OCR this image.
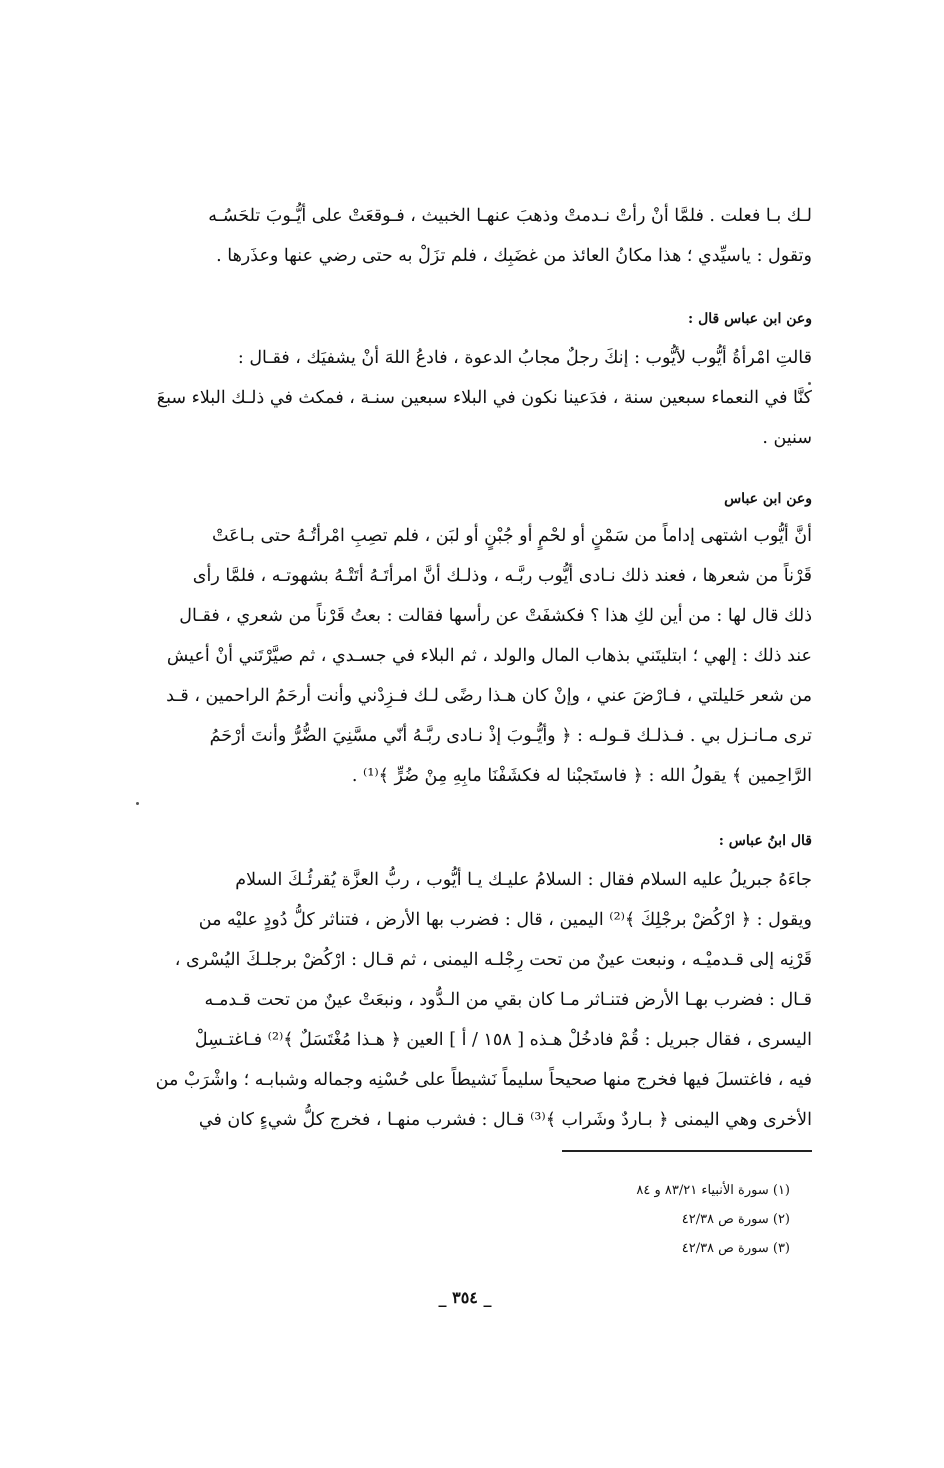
لـك بـا فعلت . فلمَّا أنْ رأتْ نـدمتْ وذهبَ عنهـا الخبيث ، فـوقعَتْ على أيُّـوبَ تلحَسُـه

وتقول : ياسيِّدي ؛ هذا مكانُ العائذ من غضَبِك ، فلم تزَلْ به حتى رضي عنها وعذَرها .

وعن ابن عباس قال :

قالتِ امْرأةُ أيُّوب لأيُّوب : إنكَ رجلٌ مجابُ الدعوة ، فادعُ اللهَ أنْ يشفيَك ، فقـال :

كنَّا في النعماء سبعين سنة ، فدَعينا نكون في البلاء سبعين سنـة ، فمكث في ذلـك البلاء سبعَ

سنين .

وعن ابن عباس

أنَّ أيُّوب اشتهى إداماً من سَمْنٍ أو لحْمٍ أو جُبْنٍ أو لبَن ، فلم تصِبِ امْرأتُـهُ حتى بـاعَتْ

قَرْناً من شعرها ، فعند ذلك نـادى أيُّوب ربَّـه ، وذلـك أنَّ امرأتَـهُ أتَتْـهُ بشهوتـه ، فلمَّا رأى

ذلك قال لها : من أين لكِ هذا ؟ فكشفَتْ عن رأسها فقالت : بعتُ قَرْناً من شعري ، فقـال

عند ذلك : إلهي ؛ ابتليتَني بذهاب المال والولد ، ثم البلاء في جسـدي ، ثم صيَّرْتَني أنْ أعيش

من شعر حَليلتي ، فـارْضَ عني ، وإنْ كان هـذا رضًى لـك فـزِدْني وأنت أرحَمُ الراحمين ، قـد

ترى مـانـزل بي . فـذلـك قـولـه : ﴿ وأيُّـوبَ إذْ نـادى ربَّـهُ أنّي مسَّنِيَ الضُّرُّ وأنتَ أرْحَمُ

الرَّاحِمين ﴾ يقولُ الله : ﴿ فاستَجبْنا له فكشَفْنَا مابِهِ مِنْ ضُرٍّ ﴾⁽¹⁾ .

قال ابنُ عباس :

جاءَهُ جبريلُ عليه السلام فقال : السلامُ عليـك يـا أيُّوب ، ربُّ العزَّة يُقرئُـكَ السلام

ويقول : ﴿ ارْكُضْ برجْلِكَ ﴾⁽²⁾ اليمين ، قال : فضرب بها الأرض ، فتناثر كلُّ دُودٍ عليْه من

قَرْنِه إلى قـدميْـه ، ونبعت عينٌ من تحت رِجْلـه اليمنى ، ثم قـال : ارْكُضْ برجلـكَ اليُسْرى ،

قـال : فضرب بهـا الأرض فتنـاثر مـا كان بقي من الـدُّود ، ونبعَتْ عينٌ من تحت قـدمـه

اليسرى ، فقال جبريل : قُمْ فادخُلْ هـذه [ ١٥٨ / أ ] العين ﴿ هـذا مُغْتَسَلٌ ﴾⁽²⁾ فـاغتـسِلْ

فيه ، فاغتسلَ فيها فخرج منها صحيحاً سليماً نَشيطاً على حُسْنِه وجماله وشبابـه ؛ واشْرَبْ من

الأخرى وهي اليمنى ﴿ بـاردٌ وشَراب ﴾⁽³⁾ قـال : فشرب منهـا ، فخرج كلُّ شيءٍ كان في

(١) سورة الأنبياء ٨٣/٢١ و ٨٤
(٢) سورة ص ٤٢/٣٨
(٣) سورة ص ٤٢/٣٨
_ ٣٥٤ _
